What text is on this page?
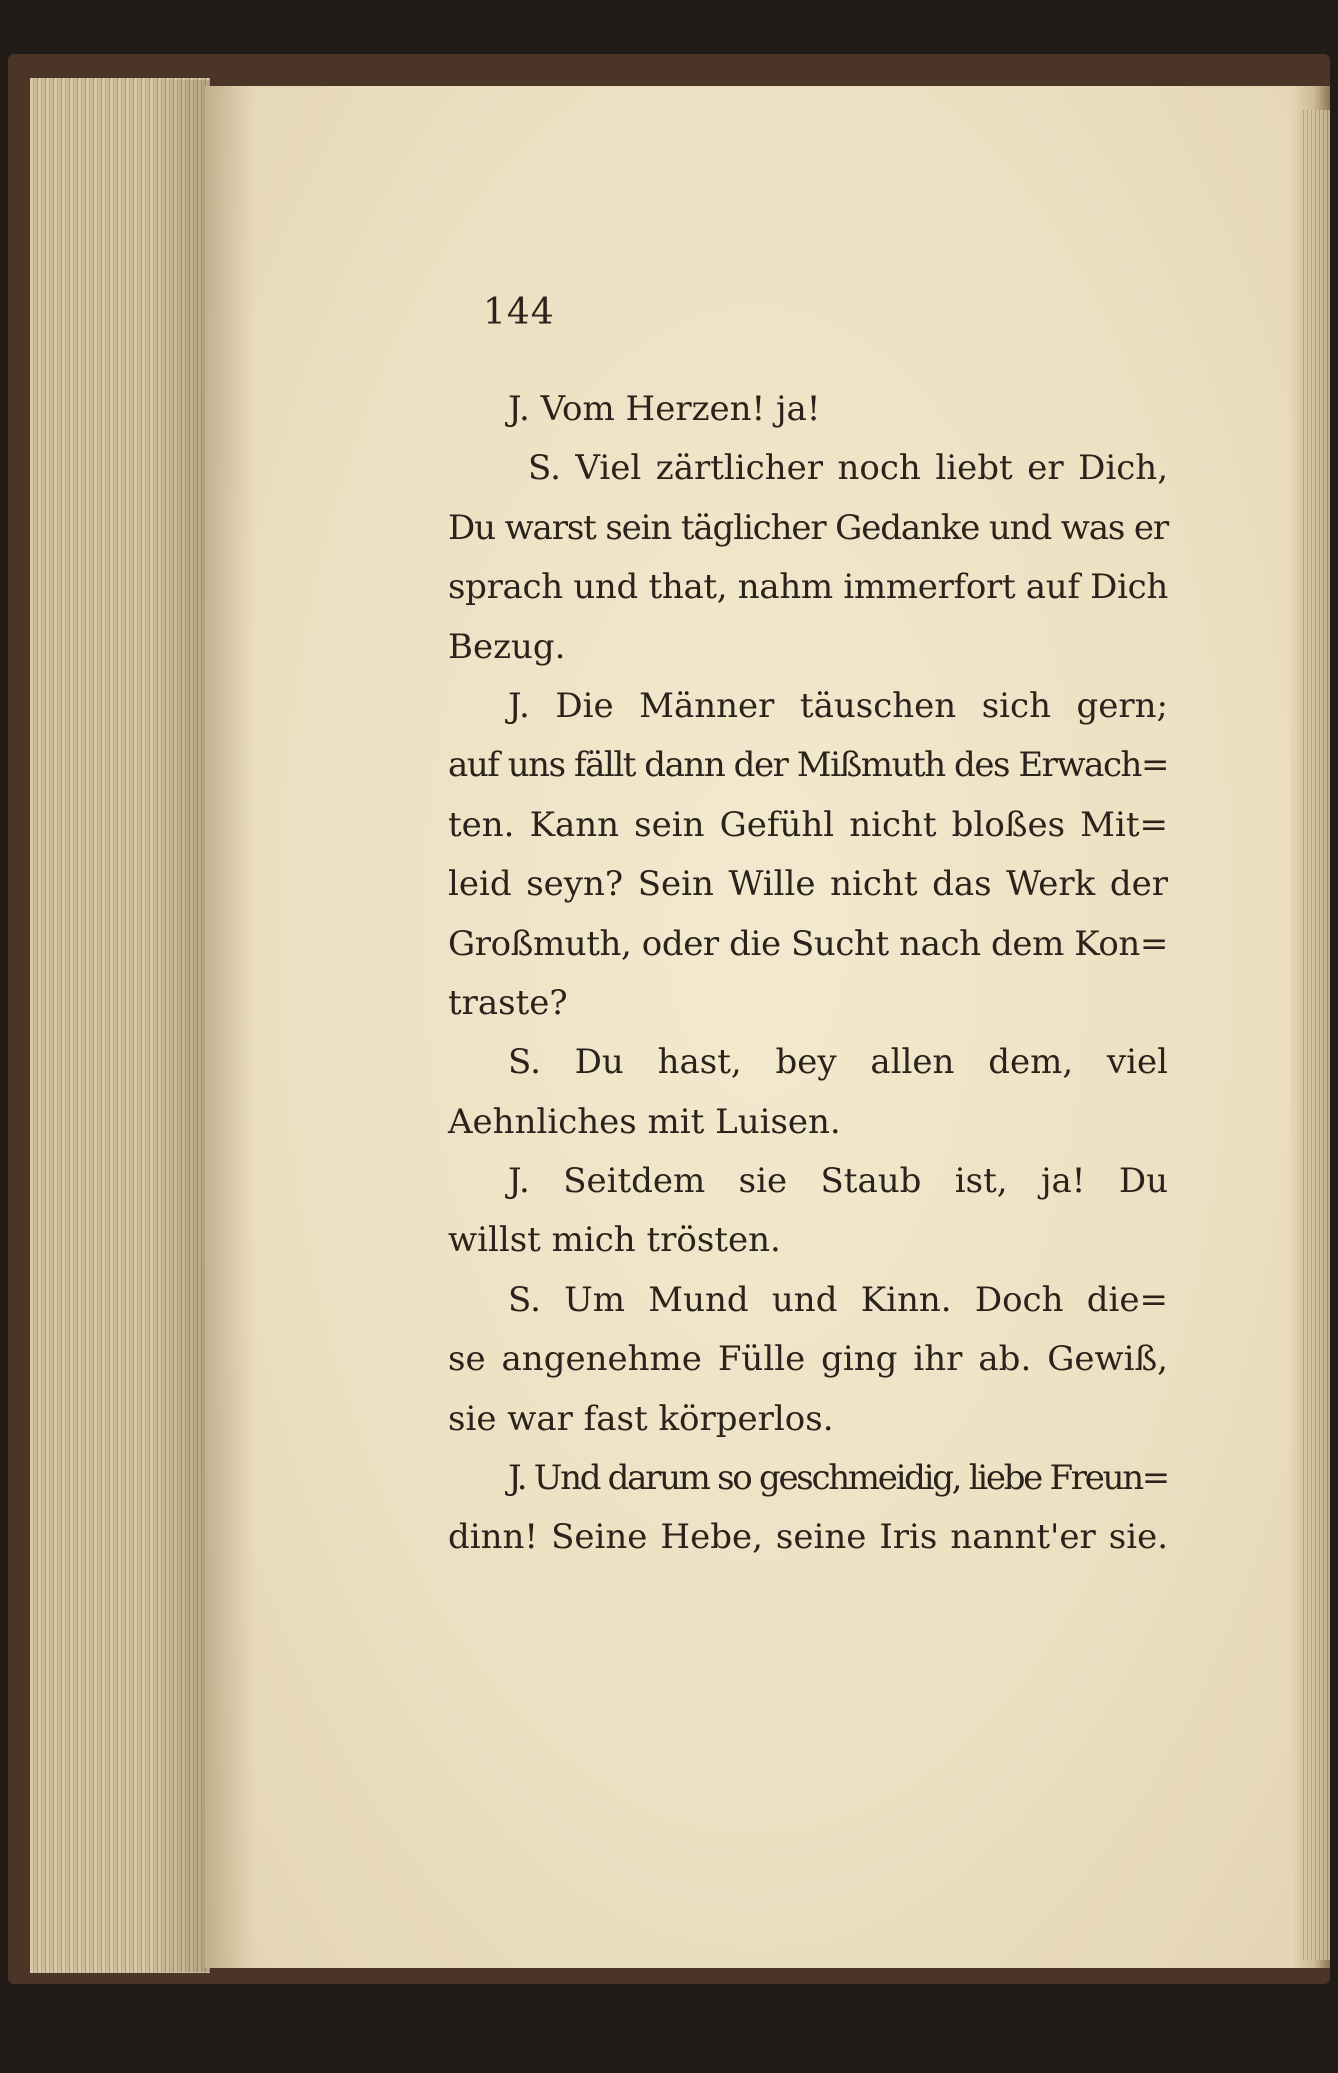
144
J. Vom Herzen! ja!
S. Viel zärtlicher noch liebt er Dich,
Du warst sein täglicher Gedanke und was er
sprach und that, nahm immerfort auf Dich
Bezug.
J. Die Männer täuschen sich gern;
auf uns fällt dann der Mißmuth des Erwach=
ten. Kann sein Gefühl nicht bloßes Mit=
leid seyn? Sein Wille nicht das Werk der
Großmuth, oder die Sucht nach dem Kon=
traste?
S. Du hast, bey allen dem, viel
Aehnliches mit Luisen.
J. Seitdem sie Staub ist, ja! Du
willst mich trösten.
S. Um Mund und Kinn. Doch die=
se angenehme Fülle ging ihr ab. Gewiß,
sie war fast körperlos.
J. Und darum so geschmeidig, liebe Freun=
dinn! Seine Hebe, seine Iris nannt'er sie.
